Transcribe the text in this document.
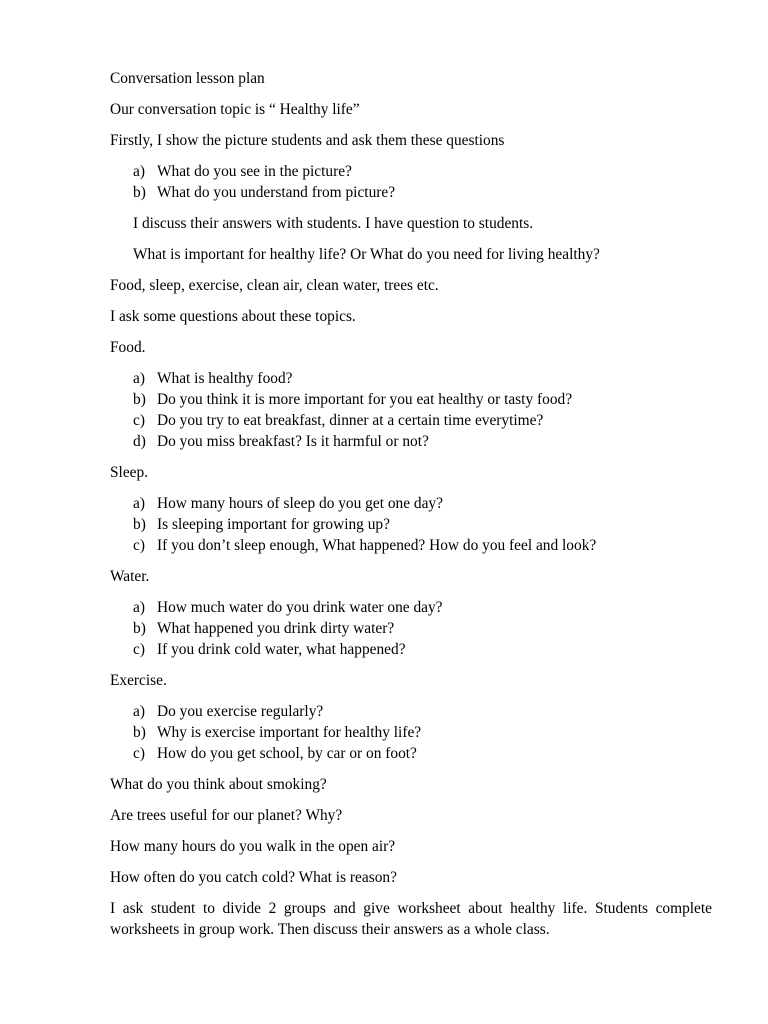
Conversation lesson plan

Our conversation topic is “ Healthy life”

Firstly, I show the picture students and ask them these questions

a) What do you see in the picture?
b) What do you understand from picture?

I discuss their answers with students. I have question to students.

What is important for healthy life? Or What do you need for living healthy?

Food, sleep, exercise, clean air, clean water, trees etc.

I ask some questions about these topics.

Food.

a) What is healthy food?
b) Do you think it is more important for you eat healthy or tasty food?
c) Do you try to eat breakfast, dinner at a certain time everytime?
d) Do you miss breakfast? Is it harmful or not?

Sleep.

a) How many hours of sleep do you get one day?
b) Is sleeping important for growing up?
c) If you don’t sleep enough, What happened? How do you feel and look?

Water.

a) How much water do you drink water one day?
b) What happened you drink dirty water?
c) If you drink cold water, what happened?

Exercise.

a) Do you exercise regularly?
b) Why is exercise important for healthy life?
c) How do you get school, by car or on foot?

What do you think about smoking?

Are trees useful for our planet? Why?

How many hours do you walk in the open air?

How often do you catch cold? What is reason?

I ask student to divide 2 groups and give worksheet about healthy life. Students complete worksheets in group work. Then discuss their answers as a whole class.
